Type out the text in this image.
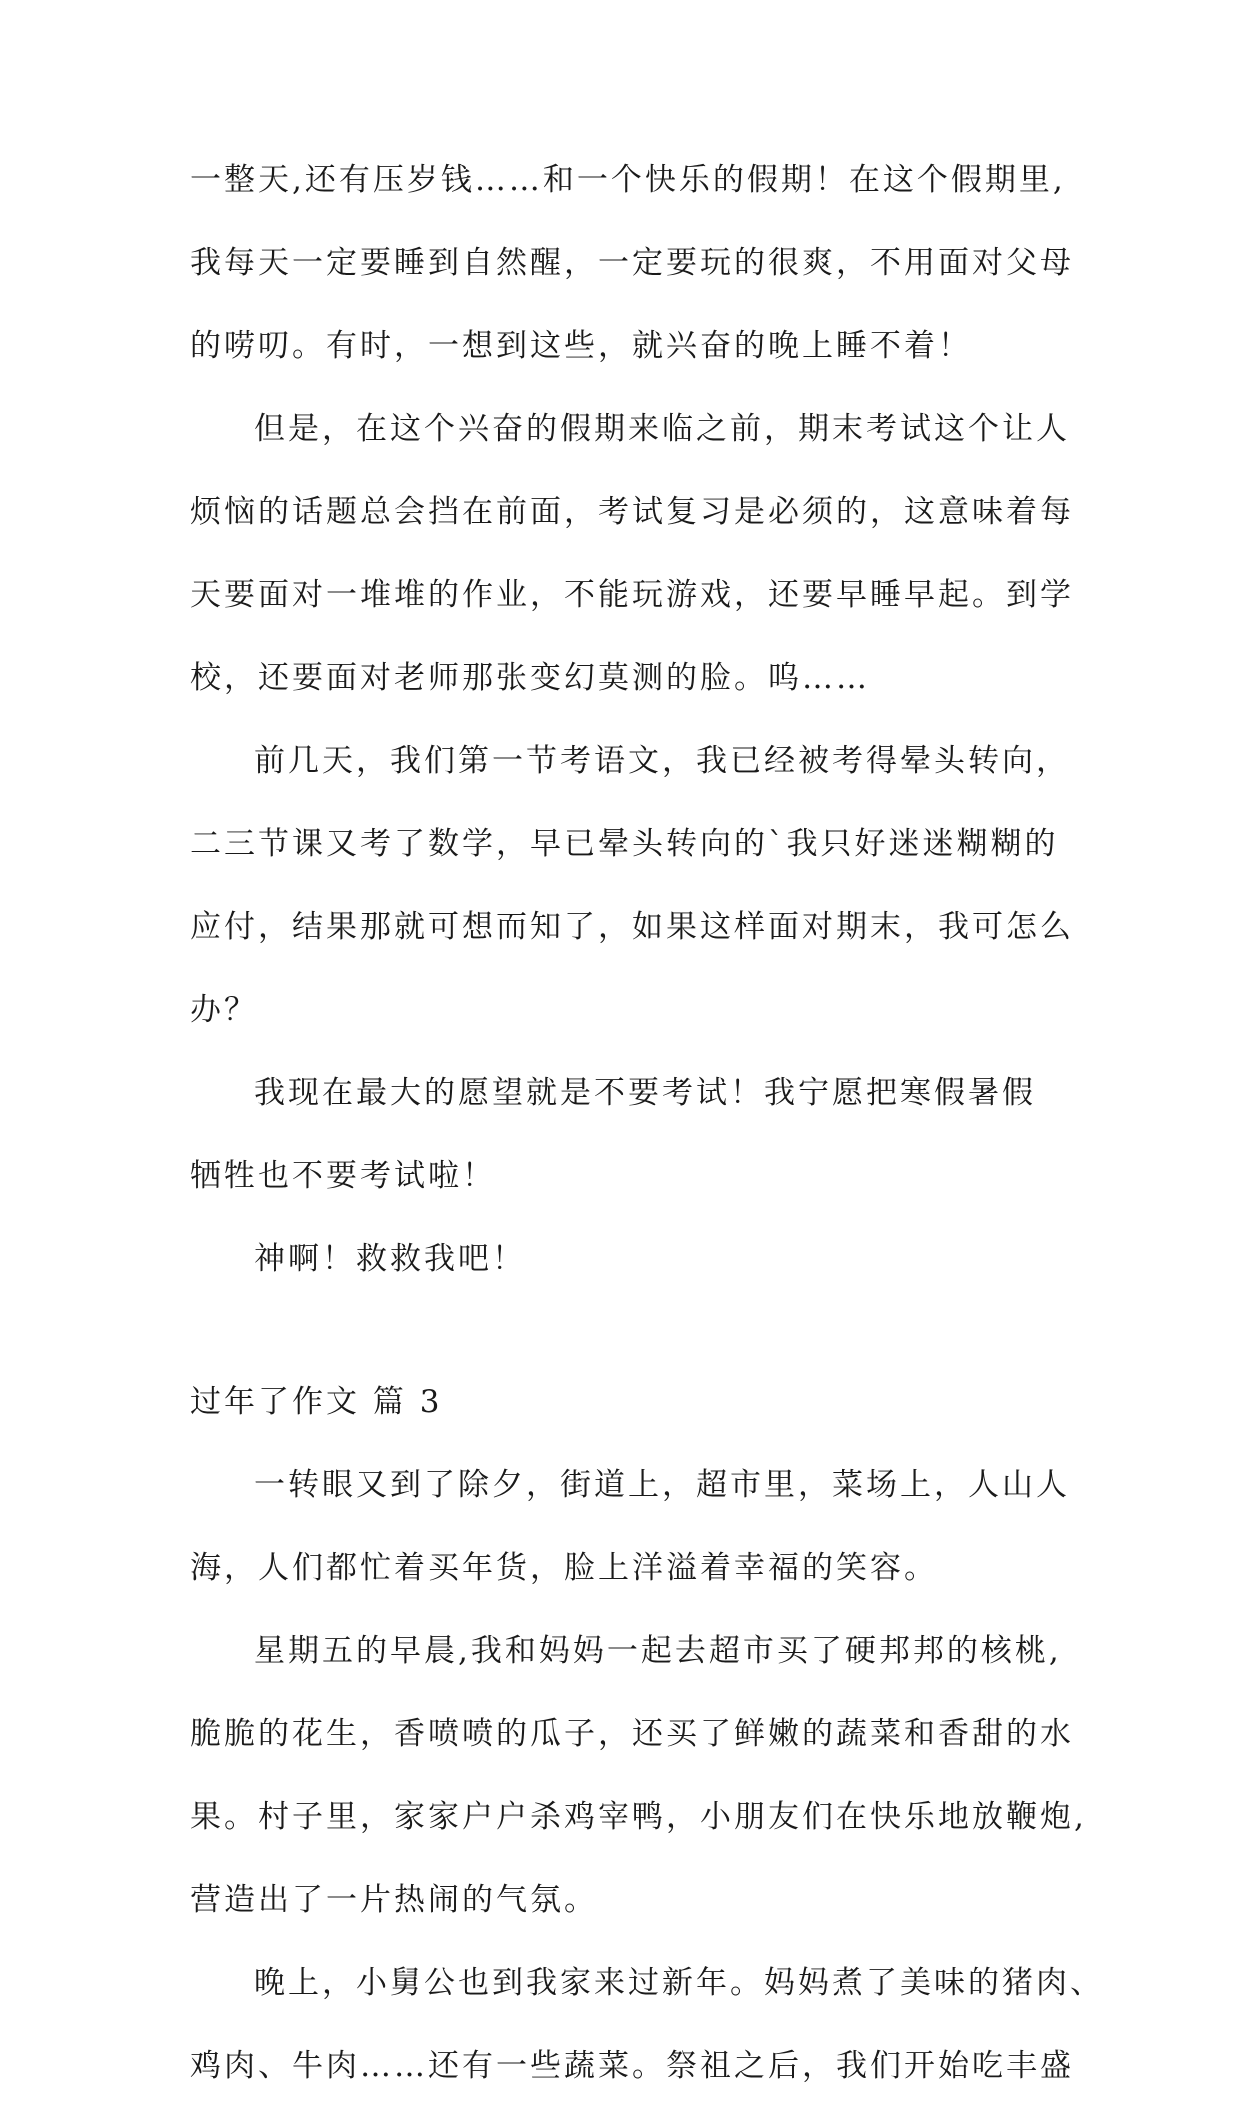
一整天,还有压岁钱……和一个快乐的假期！在这个假期里,
我每天一定要睡到自然醒，一定要玩的很爽，不用面对父母
的唠叨。有时，一想到这些，就兴奋的晚上睡不着！
但是，在这个兴奋的假期来临之前，期末考试这个让人
烦恼的话题总会挡在前面，考试复习是必须的，这意味着每
天要面对一堆堆的作业，不能玩游戏，还要早睡早起。到学
校，还要面对老师那张变幻莫测的脸。呜……
前几天，我们第一节考语文，我已经被考得晕头转向，
二三节课又考了数学，早已晕头转向的`我只好迷迷糊糊的
应付，结果那就可想而知了，如果这样面对期末，我可怎么
办？
我现在最大的愿望就是不要考试！我宁愿把寒假暑假
牺牲也不要考试啦！
神啊！救救我吧！
过年了作文 篇 3
一转眼又到了除夕，街道上，超市里，菜场上，人山人
海，人们都忙着买年货，脸上洋溢着幸福的笑容。
星期五的早晨,我和妈妈一起去超市买了硬邦邦的核桃,
脆脆的花生，香喷喷的瓜子，还买了鲜嫩的蔬菜和香甜的水
果。村子里，家家户户杀鸡宰鸭，小朋友们在快乐地放鞭炮,
营造出了一片热闹的气氛。
晚上，小舅公也到我家来过新年。妈妈煮了美味的猪肉、
鸡肉、牛肉……还有一些蔬菜。祭祖之后，我们开始吃丰盛
